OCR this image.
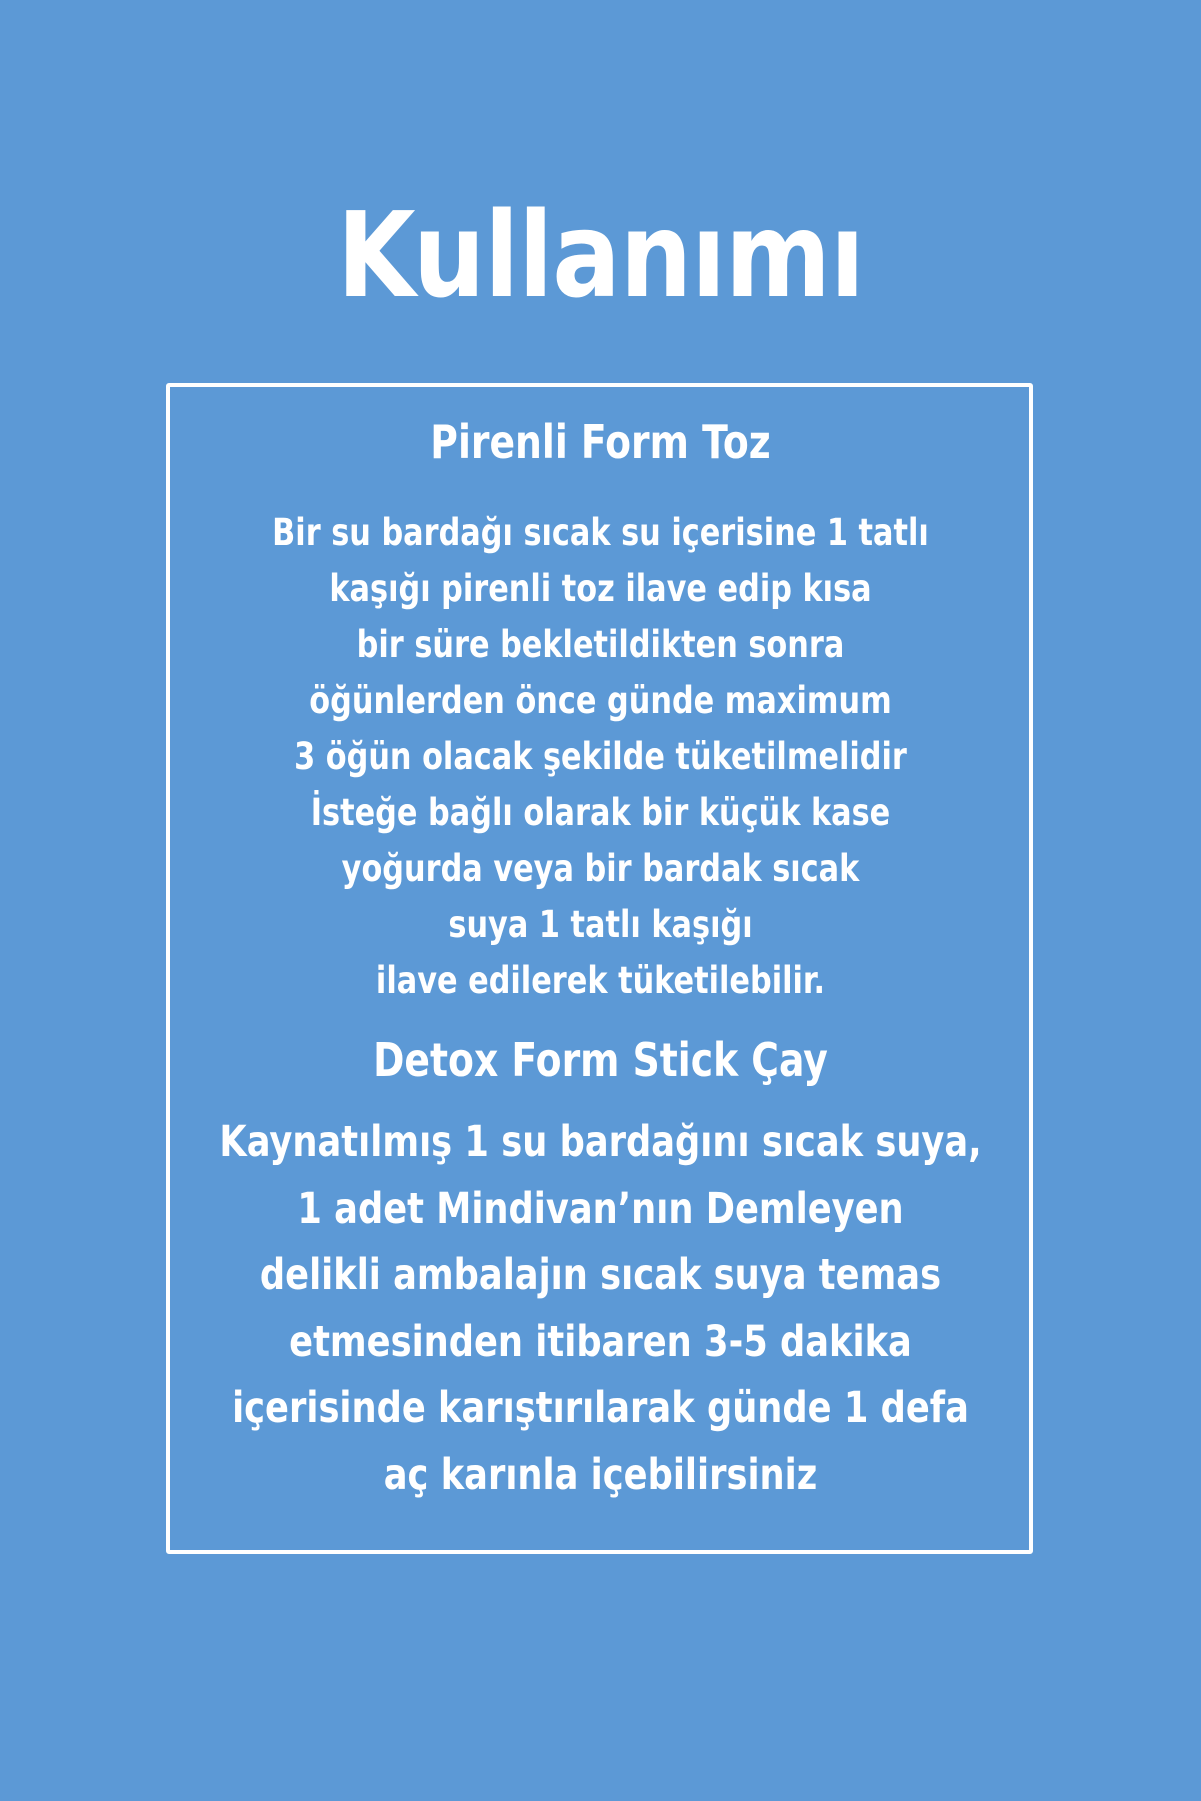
Kullanımı
Pirenli Form Toz
Bir su bardağı sıcak su içerisine 1 tatlı
kaşığı pirenli toz ilave edip kısa
bir süre bekletildikten sonra
öğünlerden önce günde maximum
3 öğün olacak şekilde tüketilmelidir
İsteğe bağlı olarak bir küçük kase
yoğurda veya bir bardak sıcak
suya 1 tatlı kaşığı
ilave edilerek tüketilebilir.
Detox Form Stick Çay
Kaynatılmış 1 su bardağını sıcak suya,
1 adet Mindivan’nın Demleyen
delikli ambalajın sıcak suya temas
etmesinden itibaren 3-5 dakika
içerisinde karıştırılarak günde 1 defa
aç karınla içebilirsiniz
